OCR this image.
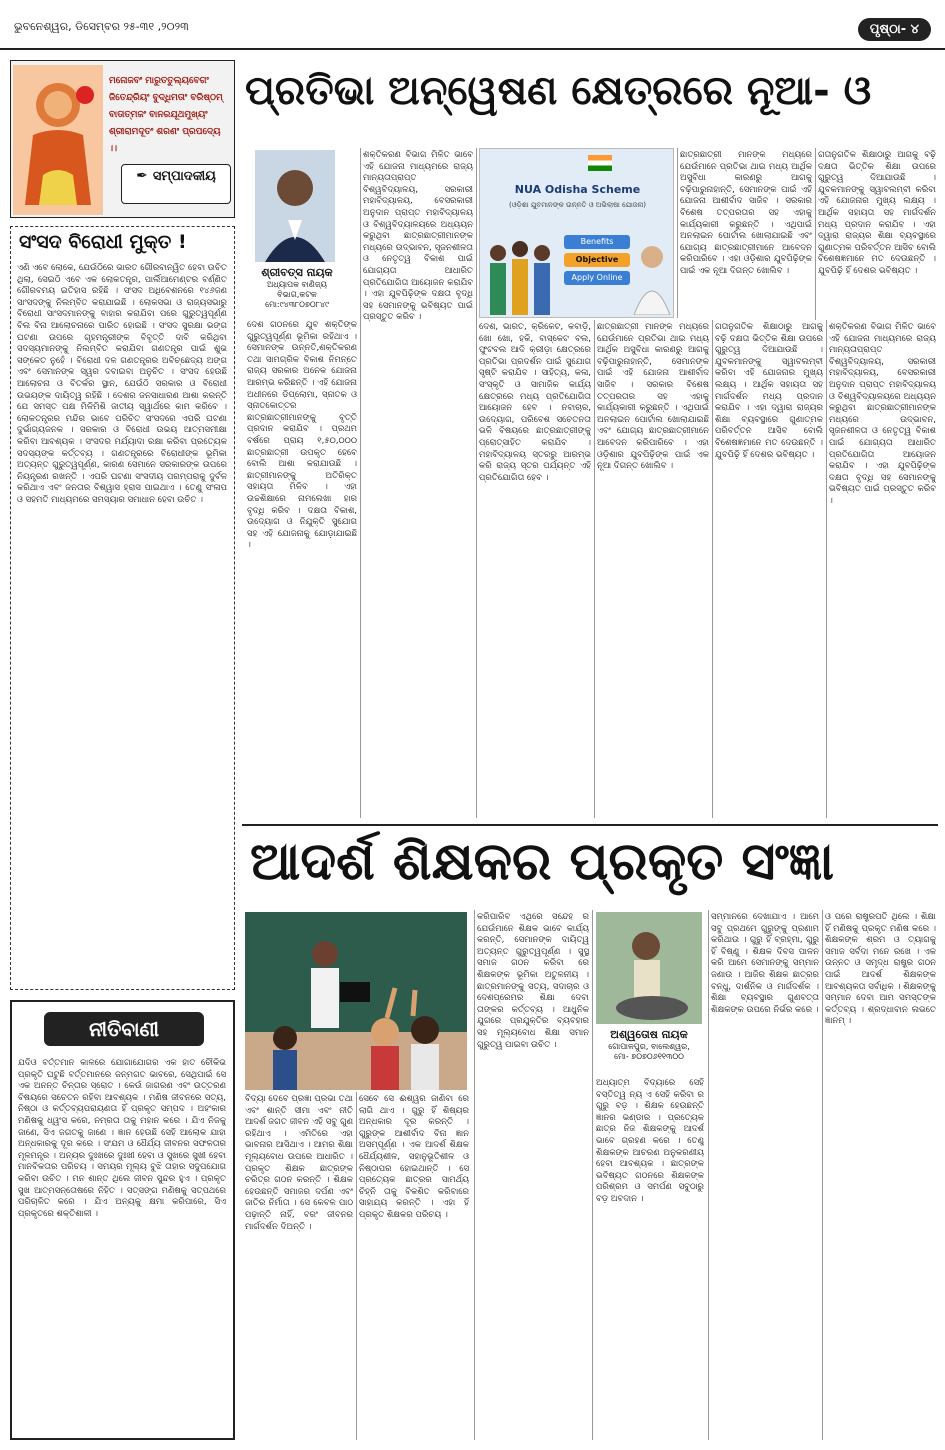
ଭୁବନେଶ୍ୱର, ଡିସେମ୍ବର ୨୫-୩୧ ,୨୦୨୩	ପୃଷ୍ଠା- ୪
ମନୋଜବଂ ମାରୁତତୁଲ୍ୟବେଗଂ
ଜିତେନ୍ଦ୍ରିୟଂ ବୁଦ୍ଧିମତାଂ ବରିଷ୍ଠମ୍
ବାତାତ୍ମଜଂ ବାନରଯୂଥମୁଖ୍ୟଂ
ଶ୍ରୀରାମଦୂତଂ ଶରଣଂ ପ୍ରପଦ୍ୟେ ।।
✒ ସମ୍ପାଦକୀୟ
ସଂସଦ ବିରୋଧୀ ମୁକ୍ତ !
ଏଣି ଏବେ ଲୋକେ, ଯେଉଁଠିରେ ଭାରତ ଗୌରବାନ୍ୱିତ ହେବା ଉଚିତ ଥିଲା, ସେଇଠି ଏବେ ଏକ ଲୋକତନ୍ତ୍ର, ପାର୍ଲିଆମେଣ୍ଟର ବର୍ଣ୍ଣିତ ଗୌରବମୟ ଇତିହାସ ରହିଛି । ସଂସଦ ଅଧିବେଶନରେ ୧୪୬ଜଣ ସାଂସଦଙ୍କୁ ନିଲମ୍ବିତ କରାଯାଇଛି । ଲୋକସଭା ଓ ରାଜ୍ୟସଭାରୁ ବିରୋଧୀ ସାଂସଦମାନଙ୍କୁ ବାହାର କରାଯିବା ପରେ ଗୁରୁତ୍ୱପୂର୍ଣ୍ଣ ବିଲ ବିନା ଆଲୋଚନାରେ ପାରିତ ହୋଇଛି । ସଂସଦ ସୁରକ୍ଷା ଭଙ୍ଗ ଘଟଣା ଉପରେ ଗୃହମନ୍ତ୍ରୀଙ୍କ ବିବୃତ୍ତି ଦାବି କରିଥିବା ସଦସ୍ୟମାନଙ୍କୁ ନିଲମ୍ବିତ କରାଯିବା ଗଣତନ୍ତ୍ର ପାଇଁ ଶୁଭ ସଙ୍କେତ ନୁହେଁ । ବିରୋଧୀ ଦଳ ଗଣତନ୍ତ୍ରର ଅବିଚ୍ଛେଦ୍ୟ ଅଙ୍ଗ ଏବଂ ସେମାନଙ୍କ ସ୍ୱର ଦବାଇବା ଅନୁଚିତ । ସଂସଦ ହେଉଛି ଆଲୋଚନା ଓ ବିତର୍କର ସ୍ଥାନ, ଯେଉଁଠି ସରକାର ଓ ବିରୋଧୀ ଉଭୟଙ୍କ ଦାୟିତ୍ୱ ରହିଛି । ଦେଶର ଜନସାଧାରଣ ଆଶା କରନ୍ତି ଯେ ସମସ୍ତ ପକ୍ଷ ମିଳିମିଶି ଜାତୀୟ ସ୍ୱାର୍ଥରେ କାମ କରିବେ । ଲୋକତନ୍ତ୍ରର ମନ୍ଦିର ଭାବେ ପରିଚିତ ସଂସଦରେ ଏପରି ଘଟଣା ଦୁର୍ଭାଗ୍ୟଜନକ । ସରକାର ଓ ବିରୋଧୀ ଉଭୟ ଆତ୍ମସମୀକ୍ଷା କରିବା ଆବଶ୍ୟକ । ସଂସଦର ମର୍ଯ୍ୟାଦା ରକ୍ଷା କରିବା ପ୍ରତ୍ୟେକ ସଦସ୍ୟଙ୍କ କର୍ତ୍ତବ୍ୟ । ଗଣତନ୍ତ୍ରରେ ବିରୋଧୀଙ୍କ ଭୂମିକା ଅତ୍ୟନ୍ତ ଗୁରୁତ୍ୱପୂର୍ଣ୍ଣ, କାରଣ ସେମାନେ ସରକାରଙ୍କ ଉପରେ ନିୟନ୍ତ୍ରଣ ରଖନ୍ତି । ଏପରି ଘଟଣା ସଂସଦୀୟ ପରମ୍ପରାକୁ ଦୁର୍ବଳ କରିଥାଏ ଏବଂ ଜନତାର ବିଶ୍ୱାସ ହ୍ରାସ ପାଇଥାଏ । ତେଣୁ ସଂଳାପ ଓ ସହମତି ମାଧ୍ୟମରେ ସମସ୍ୟାର ସମାଧାନ ହେବା ଉଚିତ ।
ନୀତିବାଣୀ
ଯଦିଓ ବର୍ତ୍ତମାନ କାଳରେ ଯୋଗାଯୋଗର ଏକ ହାତ ଚୌକିଭ ପ୍ରକୃତି ଘଟୁଛି ବର୍ତ୍ତମାନରେ ଜନ୍ମଗତ ଭାବରେ, ସେଥିପାଇଁ ସେ ଏକ ଅନନ୍ତ ଚିନ୍ତାର ସ୍ରୋତ । କେଉଁ ଜାଗରଣ ଏବଂ ଉତ୍ତରଣ ବିଷୟରେ ସଚେତନ ରହିବା ଆବଶ୍ୟକ । ମଣିଷ ଜୀବନରେ ସତ୍ୟ, ନିଷ୍ଠା ଓ କର୍ତ୍ତବ୍ୟପରାୟଣତା ହିଁ ପ୍ରକୃତ ସମ୍ପଦ । ଅହଂକାର ମଣିଷକୁ ଧ୍ୱଂସ କରେ, ନମ୍ରତା ତାକୁ ମହାନ କରେ । ଯିଏ ନିଜକୁ ଜାଣେ, ସିଏ ଜଗତକୁ ଜାଣେ । ଜ୍ଞାନ ହେଉଛି ସେହି ଆଲୋକ ଯାହା ଅନ୍ଧକାରକୁ ଦୂର କରେ । ସଂଯମ ଓ ଧୈର୍ଯ୍ୟ ଜୀବନର ସଫଳତାର ମୂଳମନ୍ତ୍ର । ଅନ୍ୟର ଦୁଃଖରେ ଦୁଃଖୀ ହେବା ଓ ସୁଖରେ ସୁଖୀ ହେବା ମାନବିକତାର ପରିଚୟ । ସମୟର ମୂଲ୍ୟ ବୁଝି ତାହାର ସଦୁପଯୋଗ କରିବା ଉଚିତ । ମନ ଶାନ୍ତ ଥିଲେ ଜୀବନ ସୁନ୍ଦର ହୁଏ । ପ୍ରକୃତ ସୁଖ ଆତ୍ମସନ୍ତୋଷରେ ନିହିତ । ସତ୍ସଙ୍ଗ ମଣିଷକୁ ସତ୍‌ପଥରେ ପରିଚାଳିତ କରେ । ଯିଏ ଅନ୍ୟକୁ କ୍ଷମା କରିପାରେ, ସିଏ ପ୍ରକୃତରେ ଶକ୍ତିଶାଳୀ ।
ପ୍ରତିଭା ଅନ୍ୱେଷଣ କ୍ଷେତ୍ରରେ ନୂଆ- ଓ
ଶ୍ରୀବତ୍ସ ନାୟକ
ଅଧ୍ୟାପକ ବାଣିଜ୍ୟ ବିଭାଗ,କଟକ
ମୋ:୯୪୩୮୦୭୦୮୪୯
ଦେଶ ଗଠନରେ ଯୁବ ଶକ୍ତିଙ୍କ ଗୁରୁତ୍ୱପୂର୍ଣ୍ଣ ଭୂମିକା ରହିଥାଏ । ସେମାନଙ୍କ ଉନ୍ନତି,ଶକ୍ତିକରଣ ତଥା ସାମଗ୍ରିକ ବିକାଶ ନିମନ୍ତେ ରାଜ୍ୟ ସରକାର ଅନେକ ଯୋଜନା ଆରମ୍ଭ କରିଛନ୍ତି । ଏହି ଯୋଜନା ଅଧୀନରେ ଡିପ୍ଲୋମା, ସ୍ନାତକ ଓ ସ୍ନାତକୋତ୍ତର ଛାତ୍ରଛାତ୍ରୀମାନଙ୍କୁ ବୃତ୍ତି ପ୍ରଦାନ କରାଯିବ । ପ୍ରଥମ ବର୍ଷରେ ପ୍ରାୟ ୧,୫୦,୦୦୦ ଛାତ୍ରଛାତ୍ରୀ ଉପକୃତ ହେବେ ବୋଲି ଆଶା କରାଯାଉଛି । ଛାତ୍ରୀମାନଙ୍କୁ ଅତିରିକ୍ତ ସହାୟତା ମିଳିବ । ଏହା ଉଚ୍ଚଶିକ୍ଷାରେ ନାମଲେଖା ହାର ବୃଦ୍ଧି କରିବ । ଦକ୍ଷତା ବିକାଶ, ଉଦ୍ୟୋଗ ଓ ନିଯୁକ୍ତି ସୁଯୋଗ ସହ ଏହି ଯୋଜନାକୁ ଯୋଡ଼ାଯାଇଛି ।
ଶକ୍ତିକରଣ ବିଭାଗ ମିଳିତ ଭାବେ ଏହି ଯୋଜନା ମାଧ୍ୟମରେ ରାଜ୍ୟ ମାନ୍ୟତାପ୍ରାପ୍ତ ବିଶ୍ୱବିଦ୍ୟାଳୟ, ସରକାରୀ ମହାବିଦ୍ୟାଳୟ, ବେସରକାରୀ ଅନୁଦାନ ପ୍ରାପ୍ତ ମହାବିଦ୍ୟାଳୟ ଓ ବିଶ୍ୱବିଦ୍ୟାଳୟରେ ଅଧ୍ୟୟନ କରୁଥିବା ଛାତ୍ରଛାତ୍ରୀମାନଙ୍କ ମଧ୍ୟରେ ଉଦ୍ଭାବନ, ସୃଜନଶୀଳତା ଓ ନେତୃତ୍ୱ ବିକାଶ ପାଇଁ ଯୋଗ୍ୟତା ଆଧାରିତ ପ୍ରତିଯୋଗିତା ଆୟୋଜନ କରାଯିବ । ଏହା ଯୁବପିଢ଼ିଙ୍କ ଦକ୍ଷତା ବୃଦ୍ଧି ସହ ସେମାନଙ୍କୁ ଭବିଷ୍ୟତ ପାଇଁ ପ୍ରସ୍ତୁତ କରିବ ।
NUA Odisha Scheme
(ଓଡ଼ିଶା ଯୁବମାନଙ୍କ ଉନ୍ନତି ଓ ଅଭିଲାଷା ଯୋଜନା)
Benefits
Objective
Apply Online
ଦେଶ, ଭାରତ, କ୍ରିକେଟ, କବାଡ଼ି, ଖୋ ଖୋ, ହକି, ବାସ୍କେଟ ବଲ, ଫୁଟବଲ ଆଦି କ୍ରୀଡ଼ା କ୍ଷେତ୍ରରେ ପ୍ରତିଭା ପ୍ରଦର୍ଶନ ପାଇଁ ସୁଯୋଗ ସୃଷ୍ଟି କରାଯିବ । ସାହିତ୍ୟ, କଳା, ସଂସ୍କୃତି ଓ ସାମାଜିକ କାର୍ଯ୍ୟ କ୍ଷେତ୍ରରେ ମଧ୍ୟ ପ୍ରତିଯୋଗିତା ଆୟୋଜନ ହେବ । ନବାଚାର, ଉଦ୍ୟୋଗ, ପରିବେଶ ସଚେତନତା ଭଳି ବିଷୟରେ ଛାତ୍ରଛାତ୍ରୀଙ୍କୁ ପ୍ରୋତ୍ସାହିତ କରାଯିବ । ମହାବିଦ୍ୟାଳୟ ସ୍ତରରୁ ଆରମ୍ଭ କରି ରାଜ୍ୟ ସ୍ତର ପର୍ଯ୍ୟନ୍ତ ଏହି ପ୍ରତିଯୋଗିତା ହେବ ।
ଛାତ୍ରଛାତ୍ରୀ ମାନଙ୍କ ମଧ୍ୟରେ ଯେଉଁମାନେ ପ୍ରତିଭା ଥାଇ ମଧ୍ୟ ଆର୍ଥିକ ଅସୁବିଧା କାରଣରୁ ଆଗକୁ ବଢ଼ିପାରୁନାହାନ୍ତି, ସେମାନଙ୍କ ପାଇଁ ଏହି ଯୋଜନା ଆଶୀର୍ବାଦ ସାଜିବ । ସରକାର ବିଶେଷ ତତ୍ପରତାର ସହ ଏହାକୁ କାର୍ଯ୍ୟକାରୀ କରୁଛନ୍ତି । ଏଥିପାଇଁ ଅନଲାଇନ ପୋର୍ଟାଲ ଖୋଲାଯାଇଛି ଏବଂ ଯୋଗ୍ୟ ଛାତ୍ରଛାତ୍ରୀମାନେ ଆବେଦନ କରିପାରିବେ । ଏହା ଓଡ଼ିଶାର ଯୁବପିଢ଼ିଙ୍କ ପାଇଁ ଏକ ନୂଆ ଦିଗନ୍ତ ଖୋଲିବ ।
ଛାତ୍ରଛାତ୍ରୀ ମାନଙ୍କ ମଧ୍ୟରେ ଯେଉଁମାନେ ପ୍ରତିଭା ଥାଇ ମଧ୍ୟ ଆର୍ଥିକ ଅସୁବିଧା କାରଣରୁ ଆଗକୁ ବଢ଼ିପାରୁନାହାନ୍ତି, ସେମାନଙ୍କ ପାଇଁ ଏହି ଯୋଜନା ଆଶୀର୍ବାଦ ସାଜିବ । ସରକାର ବିଶେଷ ତତ୍ପରତାର ସହ ଏହାକୁ କାର୍ଯ୍ୟକାରୀ କରୁଛନ୍ତି । ଏଥିପାଇଁ ଅନଲାଇନ ପୋର୍ଟାଲ ଖୋଲାଯାଇଛି ଏବଂ ଯୋଗ୍ୟ ଛାତ୍ରଛାତ୍ରୀମାନେ ଆବେଦନ କରିପାରିବେ । ଏହା ଓଡ଼ିଶାର ଯୁବପିଢ଼ିଙ୍କ ପାଇଁ ଏକ ନୂଆ ଦିଗନ୍ତ ଖୋଲିବ ।
ଗତାନୁଗତିକ ଶିକ୍ଷାଠାରୁ ଆଗକୁ ବଢ଼ି ଦକ୍ଷତା ଭିତ୍ତିକ ଶିକ୍ଷା ଉପରେ ଗୁରୁତ୍ୱ ଦିଆଯାଉଛି । ଯୁବକମାନଙ୍କୁ ସ୍ୱାବଲମ୍ବୀ କରିବା ଏହି ଯୋଜନାର ମୁଖ୍ୟ ଲକ୍ଷ୍ୟ । ଆର୍ଥିକ ସହାୟତା ସହ ମାର୍ଗଦର୍ଶନ ମଧ୍ୟ ପ୍ରଦାନ କରାଯିବ । ଏହା ଦ୍ୱାରା ରାଜ୍ୟର ଶିକ୍ଷା ବ୍ୟବସ୍ଥାରେ ଗୁଣାତ୍ମକ ପରିବର୍ତ୍ତନ ଆସିବ ବୋଲି ବିଶେଷଜ୍ଞମାନେ ମତ ଦେଉଛନ୍ତି । ଯୁବପିଢ଼ି ହିଁ ଦେଶର ଭବିଷ୍ୟତ ।
ଗତାନୁଗତିକ ଶିକ୍ଷାଠାରୁ ଆଗକୁ ବଢ଼ି ଦକ୍ଷତା ଭିତ୍ତିକ ଶିକ୍ଷା ଉପରେ ଗୁରୁତ୍ୱ ଦିଆଯାଉଛି । ଯୁବକମାନଙ୍କୁ ସ୍ୱାବଲମ୍ବୀ କରିବା ଏହି ଯୋଜନାର ମୁଖ୍ୟ ଲକ୍ଷ୍ୟ । ଆର୍ଥିକ ସହାୟତା ସହ ମାର୍ଗଦର୍ଶନ ମଧ୍ୟ ପ୍ରଦାନ କରାଯିବ । ଏହା ଦ୍ୱାରା ରାଜ୍ୟର ଶିକ୍ଷା ବ୍ୟବସ୍ଥାରେ ଗୁଣାତ୍ମକ ପରିବର୍ତ୍ତନ ଆସିବ ବୋଲି ବିଶେଷଜ୍ଞମାନେ ମତ ଦେଉଛନ୍ତି । ଯୁବପିଢ଼ି ହିଁ ଦେଶର ଭବିଷ୍ୟତ ।
ଶକ୍ତିକରଣ ବିଭାଗ ମିଳିତ ଭାବେ ଏହି ଯୋଜନା ମାଧ୍ୟମରେ ରାଜ୍ୟ ମାନ୍ୟତାପ୍ରାପ୍ତ ବିଶ୍ୱବିଦ୍ୟାଳୟ, ସରକାରୀ ମହାବିଦ୍ୟାଳୟ, ବେସରକାରୀ ଅନୁଦାନ ପ୍ରାପ୍ତ ମହାବିଦ୍ୟାଳୟ ଓ ବିଶ୍ୱବିଦ୍ୟାଳୟରେ ଅଧ୍ୟୟନ କରୁଥିବା ଛାତ୍ରଛାତ୍ରୀମାନଙ୍କ ମଧ୍ୟରେ ଉଦ୍ଭାବନ, ସୃଜନଶୀଳତା ଓ ନେତୃତ୍ୱ ବିକାଶ ପାଇଁ ଯୋଗ୍ୟତା ଆଧାରିତ ପ୍ରତିଯୋଗିତା ଆୟୋଜନ କରାଯିବ । ଏହା ଯୁବପିଢ଼ିଙ୍କ ଦକ୍ଷତା ବୃଦ୍ଧି ସହ ସେମାନଙ୍କୁ ଭବିଷ୍ୟତ ପାଇଁ ପ୍ରସ୍ତୁତ କରିବ ।
ଆଦର୍ଶ ଶିକ୍ଷକର ପ୍ରକୃତ ସଂଜ୍ଞା
ବିଦ୍ୟା ଦେବେ ପ୍ରଜ୍ଞା ପ୍ରଭା ତଥା ଏବଂ ଶାନ୍ତି ସୀମା ଏବଂ ନୀତି ଆଦର୍ଶ ଜଗତ ଜୀବନ ଏହି ସବୁ ଗୁଣ ରହିଥାଏ । ଏମିତିରେ ଏହା ଭାବନାର ଆସିଥାଏ । ଆମର ଶିକ୍ଷା ମୂଲ୍ୟବୋଧ ଉପରେ ଆଧାରିତ । ପ୍ରକୃତ ଶିକ୍ଷକ ଛାତ୍ରଙ୍କ ଚରିତ୍ର ଗଠନ କରନ୍ତି । ଶିକ୍ଷକ ହେଉଛନ୍ତି ସମାଜର ଦର୍ପଣ ଏବଂ ଜାତିର ନିର୍ମାତା । ସେ କେବଳ ପାଠ ପଢ଼ାନ୍ତି ନାହିଁ, ବରଂ ଜୀବନର ମାର୍ଗଦର୍ଶନ ଦିଅନ୍ତି ।
ସେବେ ସେ ଈଶ୍ୱର ଜାଣିବା ରେ ଲାଗି ଥାଏ । ଗୁରୁ ହିଁ ଶିଷ୍ୟର ଅନ୍ଧକାର ଦୂର କରନ୍ତି । ଗୁରୁଙ୍କ ଆଶୀର୍ବାଦ ବିନା ଜ୍ଞାନ ଅସମ୍ପୂର୍ଣ୍ଣ । ଏକ ଆଦର୍ଶ ଶିକ୍ଷକ ଧୈର୍ଯ୍ୟଶୀଳ, ସହାନୁଭୂତିଶୀଳ ଓ ନିଷ୍ଠାପର ହୋଇଥାନ୍ତି । ସେ ପ୍ରତ୍ୟେକ ଛାତ୍ରର ସାମର୍ଥ୍ୟ ଚିହ୍ନି ତାକୁ ବିକଶିତ କରିବାରେ ସାହାଯ୍ୟ କରନ୍ତି । ଏହା ହିଁ ପ୍ରକୃତ ଶିକ୍ଷକର ପରିଚୟ ।
କରିପାରିବ ଏଥିରେ ସନ୍ଦେହ ର ଯେଉଁମାନେ ଶିକ୍ଷକ ଭାବେ କାର୍ଯ୍ୟ କରନ୍ତି, ସେମାନଙ୍କ ଦାୟିତ୍ୱ ଅତ୍ୟନ୍ତ ଗୁରୁତ୍ୱପୂର୍ଣ୍ଣ । ସୁସ୍ଥ ସମାଜ ଗଠନ କରିବା ରେ ଶିକ୍ଷକଙ୍କ ଭୂମିକା ଅତୁଳନୀୟ । ଛାତ୍ରମାନଙ୍କୁ ସତ୍ୟ, ସଦାଚାର ଓ ଦେଶପ୍ରେମର ଶିକ୍ଷା ଦେବା ତାଙ୍କର କର୍ତ୍ତବ୍ୟ । ଆଧୁନିକ ଯୁଗରେ ପ୍ରଯୁକ୍ତିର ବ୍ୟବହାର ସହ ମୂଲ୍ୟବୋଧ ଶିକ୍ଷା ସମାନ ଗୁରୁତ୍ୱ ପାଇବା ଉଚିତ ।
ଅଶ୍ୱତୋଷ ନାୟକ
ଗୋପାଳପୁର, ବାଲେଶ୍ୱର,
ମୋ- ୭୦୭୦୬୧୧୩୦୦
ଅଧ୍ୟାତ୍ମ ବିଦ୍ୟାରେ ସେହି ବସ୍ତିତ୍ୱ ନ୍ୟ ଏ ସେହି କରିବା ର ଗୁରୁ ବଡ଼ । ଶିକ୍ଷକ ହେଉଛନ୍ତି ଜ୍ଞାନର ଭଣ୍ଡାର । ପ୍ରତ୍ୟେକ ଛାତ୍ର ନିଜ ଶିକ୍ଷକଙ୍କୁ ଆଦର୍ଶ ଭାବେ ଗ୍ରହଣ କରେ । ତେଣୁ ଶିକ୍ଷକଙ୍କ ଆଚରଣ ଅନୁକରଣୀୟ ହେବା ଆବଶ୍ୟକ । ଛାତ୍ରଙ୍କ ଭବିଷ୍ୟତ ଗଠନରେ ଶିକ୍ଷକଙ୍କ ପରିଶ୍ରମ ଓ ସମର୍ପଣ ସବୁଠାରୁ ବଡ଼ ଅବଦାନ ।
ସମ୍ମାନରେ ଦେଖାଯାଏ । ଆମେ ସବୁ ପ୍ରଥମେ ଗୁରୁଙ୍କୁ ପ୍ରଣାମ କରିଥାଉ । ଗୁରୁ ହିଁ ବ୍ରହ୍ମା, ଗୁରୁ ହିଁ ବିଷ୍ଣୁ । ଶିକ୍ଷକ ଦିବସ ପାଳନ କରି ଆମେ ସେମାନଙ୍କୁ ସମ୍ମାନ ଜଣାଉ । ଆଜିର ଶିକ୍ଷକ ଛାତ୍ରର ବନ୍ଧୁ, ଦାର୍ଶନିକ ଓ ମାର୍ଗଦର୍ଶକ । ଶିକ୍ଷା ବ୍ୟବସ୍ଥାର ଗୁଣବତ୍ତା ଶିକ୍ଷକଙ୍କ ଉପରେ ନିର୍ଭର କରେ ।
ଓ ପରେ ରାଷ୍ଟ୍ରପତି ଥିଲେ । ଶିକ୍ଷା ହିଁ ମଣିଷକୁ ପ୍ରକୃତ ମଣିଷ କରେ । ଶିକ୍ଷକଙ୍କ ଶ୍ରମ ଓ ତ୍ୟାଗକୁ ସମାଜ ସର୍ବଦା ମନେ ରଖେ । ଏକ ଉନ୍ନତ ଓ ସମୃଦ୍ଧ ରାଷ୍ଟ୍ର ଗଠନ ପାଇଁ ଆଦର୍ଶ ଶିକ୍ଷକଙ୍କ ଆବଶ୍ୟକତା ସର୍ବାଧିକ । ଶିକ୍ଷକଙ୍କୁ ସମ୍ମାନ ଦେବା ଆମ ସମସ୍ତଙ୍କ କର୍ତ୍ତବ୍ୟ । ଶ୍ରଦ୍ଧାବାନ ଲଭତେ ଜ୍ଞାନମ୍ ।
